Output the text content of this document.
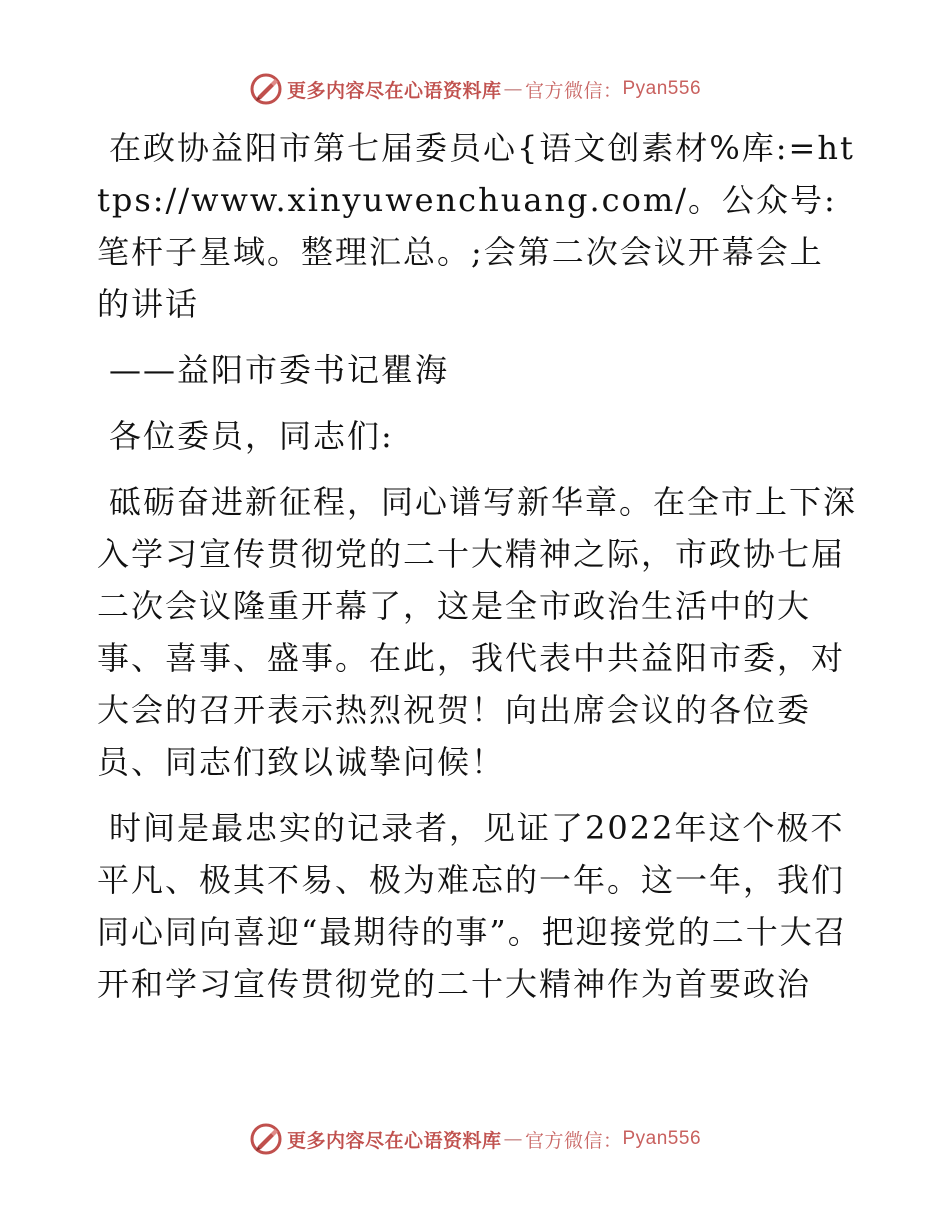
更多内容尽在心语资料库 — 官方微信： Pyan556

在政协益阳市第七届委员心{语文创素材%库:=https://www.xinyuwenchuang.com/。公众号: 笔杆子星域。整理汇总。;会第二次会议开幕会上的讲话

——益阳市委书记瞿海

各位委员，同志们:

砥砺奋进新征程，同心谱写新华章。在全市上下深入学习宣传贯彻党的二十大精神之际，市政协七届二次会议隆重开幕了，这是全市政治生活中的大事、喜事、盛事。在此，我代表中共益阳市委，对大会的召开表示热烈祝贺！向出席会议的各位委员、同志们致以诚挚问候！

时间是最忠实的记录者，见证了2022年这个极不平凡、极其不易、极为难忘的一年。这一年，我们同心同向喜迎“最期待的事”。把迎接党的二十大召开和学习宣传贯彻党的二十大精神作为首要政治

更多内容尽在心语资料库 — 官方微信： Pyan556
